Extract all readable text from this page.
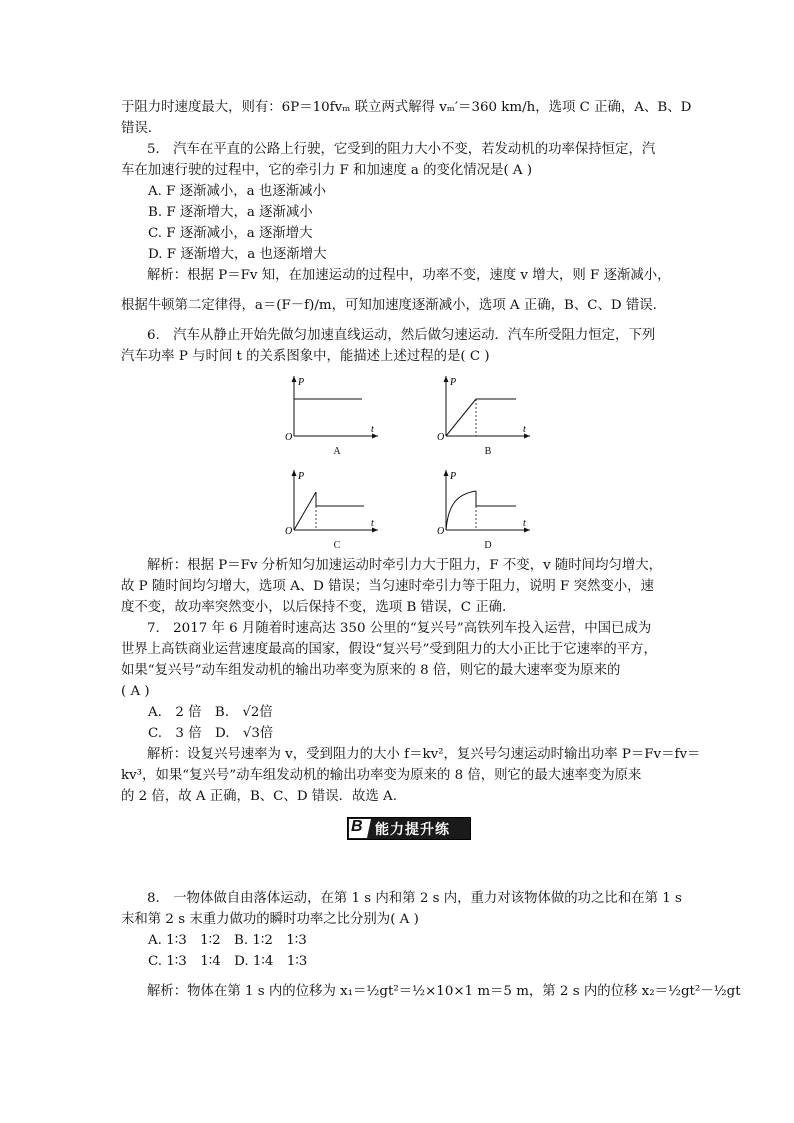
于阻力时速度最大，则有：6P＝10fvₘ 联立两式解得 vₘ′＝360 km/h，选项 C 正确，A、B、D
错误.
5.　汽车在平直的公路上行驶，它受到的阻力大小不变，若发动机的功率保持恒定，汽
车在加速行驶的过程中，它的牵引力 F 和加速度 a 的变化情况是( A )
A. F 逐渐减小，a 也逐渐减小
B. F 逐渐增大，a 逐渐减小
C. F 逐渐减小，a 逐渐增大
D. F 逐渐增大，a 也逐渐增大
解析：根据 P＝Fv 知，在加速运动的过程中，功率不变，速度 v 增大，则 F 逐渐减小，
根据牛顿第二定律得，a＝(F－f)/m，可知加速度逐渐减小，选项 A 正确，B、C、D 错误.
6.　汽车从静止开始先做匀加速直线运动，然后做匀速运动．汽车所受阻力恒定，下列
汽车功率 P 与时间 t 的关系图象中，能描述上述过程的是( C )
P
t
O
A
P
t
O
B
P
t
O
C
P
t
O
D
解析：根据 P＝Fv 分析知匀加速运动时牵引力大于阻力，F 不变，v 随时间均匀增大，
故 P 随时间均匀增大，选项 A、D 错误；当匀速时牵引力等于阻力，说明 F 突然变小，速
度不变，故功率突然变小，以后保持不变，选项 B 错误，C 正确.
7.　2017 年 6 月随着时速高达 350 公里的“复兴号”高铁列车投入运营，中国已成为
世界上高铁商业运营速度最高的国家，假设“复兴号”受到阻力的大小正比于它速率的平方，
如果“复兴号”动车组发动机的输出功率变为原来的 8 倍，则它的最大速率变为原来的
( A )
A.　2 倍　B.　√2倍
C.　3 倍　D.　√3倍
解析：设复兴号速率为 v，受到阻力的大小 f＝kv²，复兴号匀速运动时输出功率 P＝Fv＝fv＝
kv³，如果“复兴号”动车组发动机的输出功率变为原来的 8 倍，则它的最大速率变为原来
的 2 倍，故 A 正确，B、C、D 错误．故选 A.
B 能力提升练
8.　一物体做自由落体运动，在第 1 s 内和第 2 s 内，重力对该物体做的功之比和在第 1 s
末和第 2 s 末重力做功的瞬时功率之比分别为( A )
A. 1∶3　1∶2　B. 1∶2　1∶3
C. 1∶3　1∶4　D. 1∶4　1∶3
解析：物体在第 1 s 内的位移为 x₁＝½gt²＝½×10×1 m＝5 m，第 2 s 内的位移 x₂＝½gt²－½gt
